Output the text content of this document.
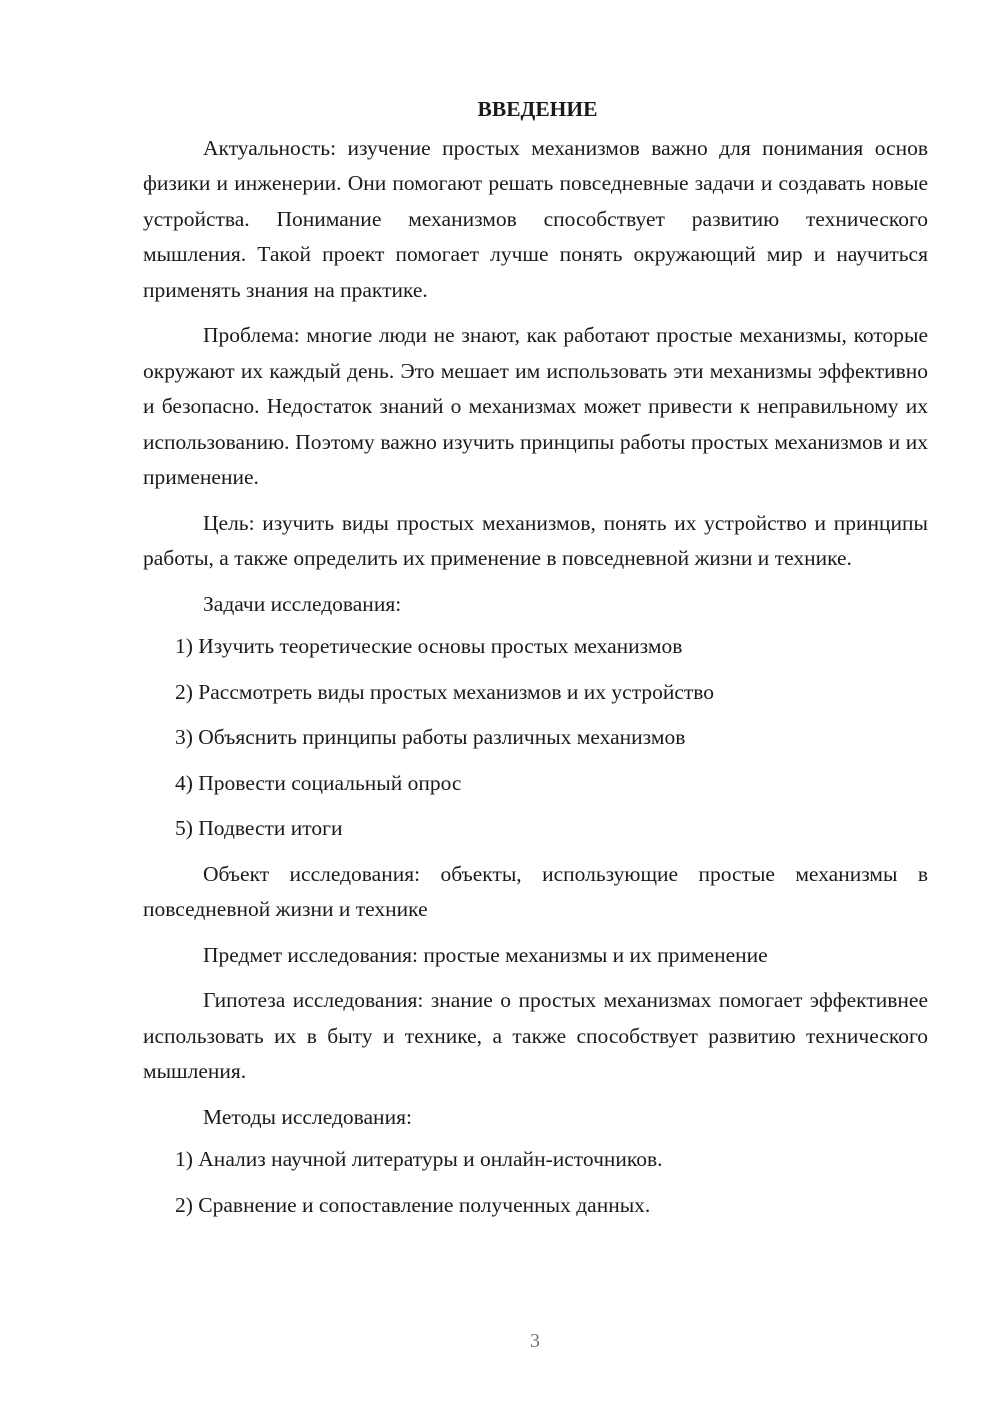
ВВЕДЕНИЕ

Актуальность: изучение простых механизмов важно для понимания основ физики и инженерии. Они помогают решать повседневные задачи и создавать новые устройства. Понимание механизмов способствует развитию технического мышления. Такой проект помогает лучше понять окружающий мир и научиться применять знания на практике.

Проблема: многие люди не знают, как работают простые механизмы, которые окружают их каждый день. Это мешает им использовать эти механизмы эффективно и безопасно. Недостаток знаний о механизмах может привести к неправильному их использованию. Поэтому важно изучить принципы работы простых механизмов и их применение.

Цель: изучить виды простых механизмов, понять их устройство и принципы работы, а также определить их применение в повседневной жизни и технике.

Задачи исследования:

1) Изучить теоретические основы простых механизмов
2) Рассмотреть виды простых механизмов и их устройство
3) Объяснить принципы работы различных механизмов
4) Провести социальный опрос
5) Подвести итоги

Объект исследования: объекты, использующие простые механизмы в повседневной жизни и технике

Предмет исследования: простые механизмы и их применение

Гипотеза исследования: знание о простых механизмах помогает эффективнее использовать их в быту и технике, а также способствует развитию технического мышления.

Методы исследования:

1) Анализ научной литературы и онлайн-источников.
2) Сравнение и сопоставление полученных данных.
3
